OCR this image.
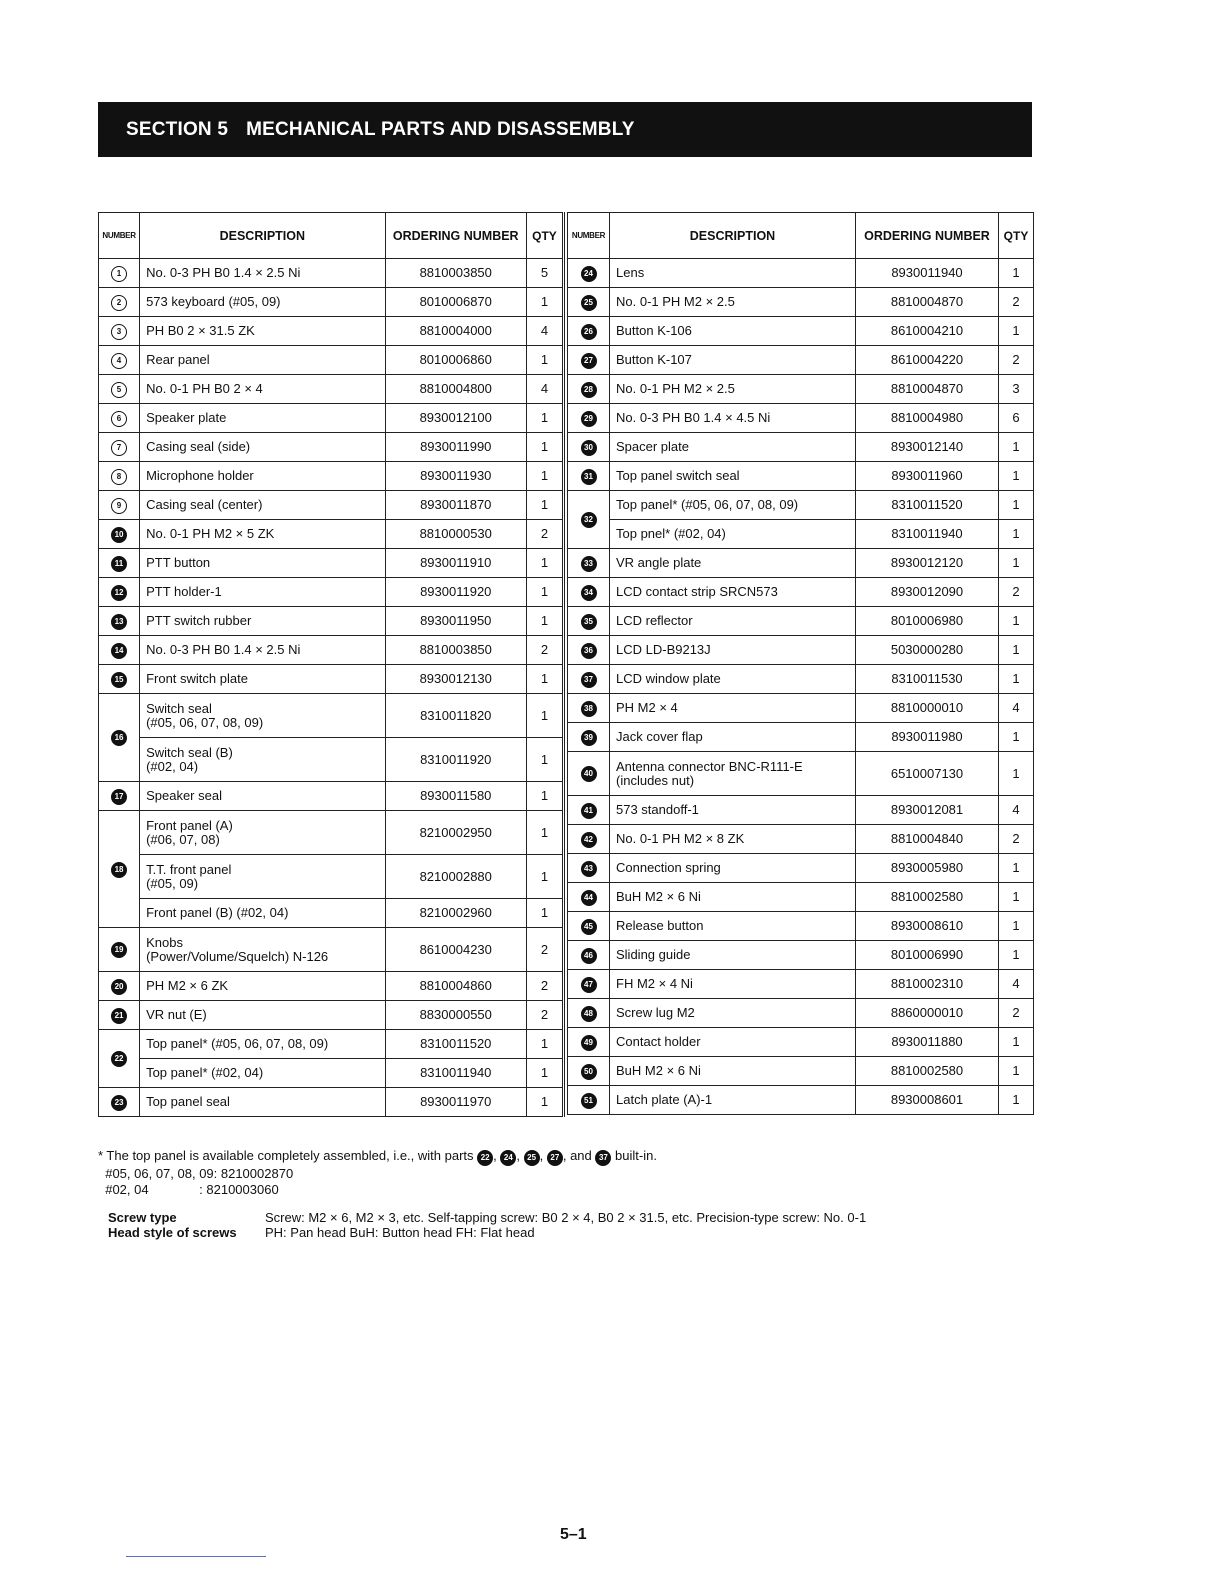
SECTION 5 MECHANICAL PARTS AND DISASSEMBLY
NUMBER	DESCRIPTION	ORDERING NUMBER	QTY
1	No. 0-3 PH B0 1.4 × 2.5 Ni	8810003850	5
2	573 keyboard (#05, 09)	8010006870	1
3	PH B0 2 × 31.5 ZK	8810004000	4
4	Rear panel	8010006860	1
5	No. 0-1 PH B0 2 × 4	8810004800	4
6	Speaker plate	8930012100	1
7	Casing seal (side)	8930011990	1
8	Microphone holder	8930011930	1
9	Casing seal (center)	8930011870	1
10	No. 0-1 PH M2 × 5 ZK	8810000530	2
11	PTT button	8930011910	1
12	PTT holder-1	8930011920	1
13	PTT switch rubber	8930011950	1
14	No. 0-3 PH B0 1.4 × 2.5 Ni	8810003850	2
15	Front switch plate	8930012130	1
16	Switch seal
(#05, 06, 07, 08, 09)	8310011820	1
	Switch seal (B)
(#02, 04)	8310011920	1
17	Speaker seal	8930011580	1
18	Front panel (A)
(#06, 07, 08)	8210002950	1
	T.T. front panel
(#05, 09)	8210002880	1
	Front panel (B) (#02, 04)	8210002960	1
19	Knobs
(Power/Volume/Squelch) N-126	8610004230	2
20	PH M2 × 6 ZK	8810004860	2
21	VR nut (E)	8830000550	2
22	Top panel* (#05, 06, 07, 08, 09)	8310011520	1
	Top panel* (#02, 04)	8310011940	1
23	Top panel seal	8930011970	1
NUMBER	DESCRIPTION	ORDERING NUMBER	QTY
24	Lens	8930011940	1
25	No. 0-1 PH M2 × 2.5	8810004870	2
26	Button K-106	8610004210	1
27	Button K-107	8610004220	2
28	No. 0-1 PH M2 × 2.5	8810004870	3
29	No. 0-3 PH B0 1.4 × 4.5 Ni	8810004980	6
30	Spacer plate	8930012140	1
31	Top panel switch seal	8930011960	1
32	Top panel* (#05, 06, 07, 08, 09)	8310011520	1
	Top pnel* (#02, 04)	8310011940	1
33	VR angle plate	8930012120	1
34	LCD contact strip SRCN573	8930012090	2
35	LCD reflector	8010006980	1
36	LCD LD-B9213J	5030000280	1
37	LCD window plate	8310011530	1
38	PH M2 × 4	8810000010	4
39	Jack cover flap	8930011980	1
40	Antenna connector BNC-R111-E
(includes nut)	6510007130	1
41	573 standoff-1	8930012081	4
42	No. 0-1 PH M2 × 8 ZK	8810004840	2
43	Connection spring	8930005980	1
44	BuH M2 × 6 Ni	8810002580	1
45	Release button	8930008610	1
46	Sliding guide	8010006990	1
47	FH M2 × 4 Ni	8810002310	4
48	Screw lug M2	8860000010	2
49	Contact holder	8930011880	1
50	BuH M2 × 6 Ni	8810002580	1
51	Latch plate (A)-1	8930008601	1
* The top panel is available completely assembled, i.e., with parts 22 , 24 , 25 , 27 , and 37 built-in.
#05, 06, 07, 08, 09: 8210002870
#02, 04              : 8210003060
Screw type	Screw: M2 × 6, M2 × 3, etc. Self-tapping screw: B0 2 × 4, B0 2 × 31.5, etc. Precision-type screw: No. 0-1
Head style of screws	PH: Pan head BuH: Button head FH: Flat head
5–1
